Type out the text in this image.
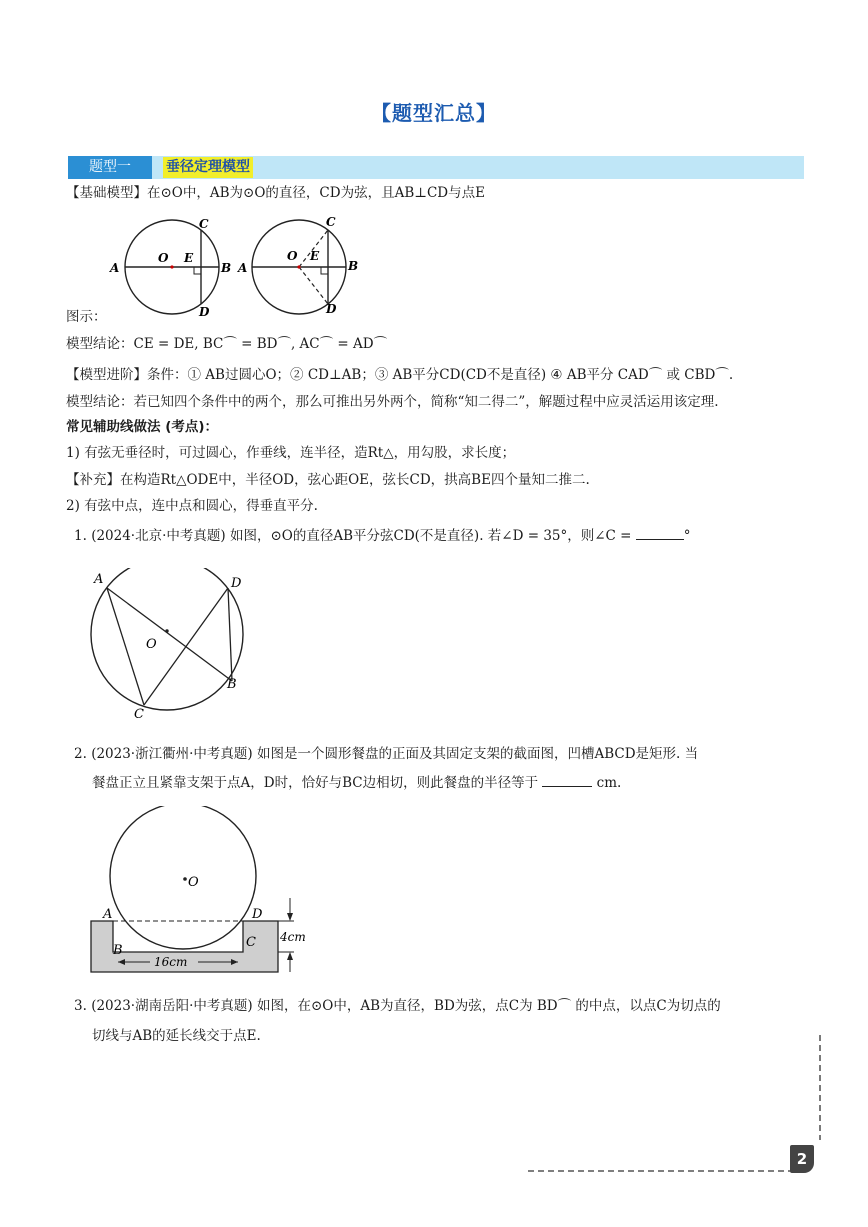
【题型汇总】
题型一	垂径定理模型
【基础模型】在⊙O中，AB为⊙O的直径，CD为弦，且AB⊥CD与点E
A
O E
B
C
D
A
O E
B
C
D
图示：
模型结论：CE = DE, BC⌒ = BD⌒, AC⌒ = AD⌒
【模型进阶】条件：① AB过圆心O；② CD⊥AB；③ AB平分CD(CD不是直径) ④ AB平分 CAD⌒ 或 CBD⌒.
模型结论：若已知四个条件中的两个，那么可推出另外两个，简称“知二得二”，解题过程中应灵活运用该定理.
常见辅助线做法 (考点)：
1) 有弦无垂径时，可过圆心，作垂线，连半径，造Rt△，用勾股，求长度；
【补充】在构造Rt△ODE中，半径OD，弦心距OE，弦长CD，拱高BE四个量知二推二.
2) 有弦中点，连中点和圆心，得垂直平分.
1. (2024·北京·中考真题) 如图，⊙O的直径AB平分弦CD(不是直径). 若∠D = 35°，则∠C =	°
A	D
O
B
C
2. (2023·浙江衢州·中考真题) 如图是一个圆形餐盘的正面及其固定支架的截面图，凹槽ABCD是矩形. 当
餐盘正立且紧靠支架于点A，D时，恰好与BC边相切，则此餐盘的半径等于	cm.
O
A	D
B
C
16cm
4cm
3. (2023·湖南岳阳·中考真题) 如图，在⊙O中，AB为直径，BD为弦，点C为 BD⌒ 的中点，以点C为切点的
切线与AB的延长线交于点E.
2
